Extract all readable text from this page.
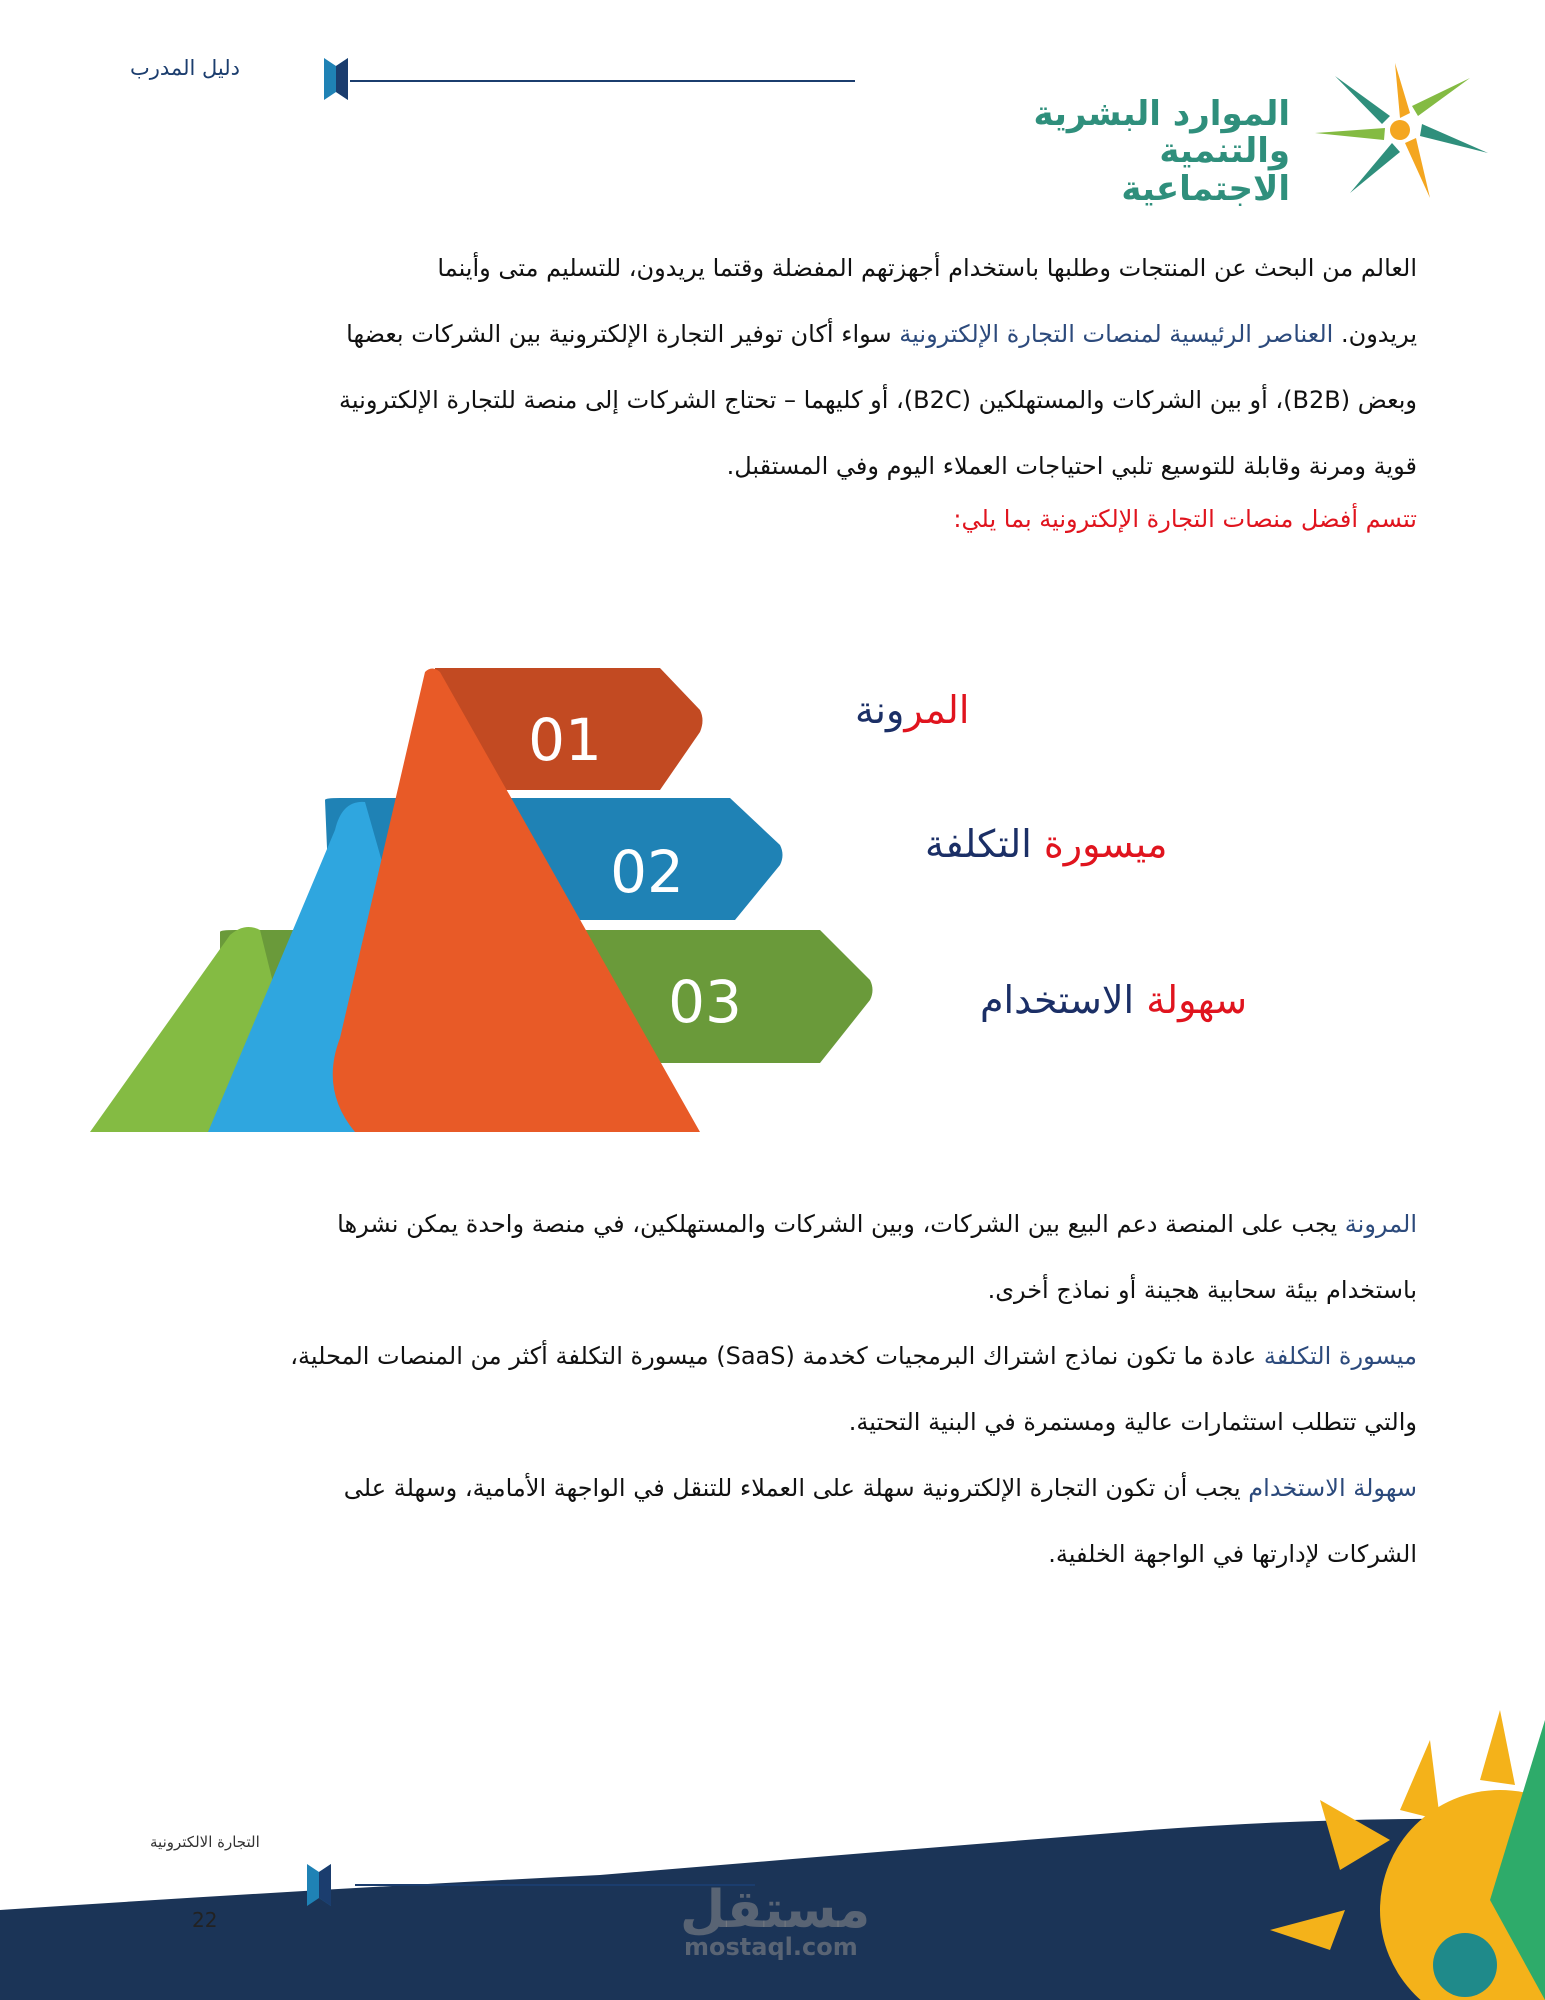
دليل المدرب
الموارد البشرية
والتنمية الاجتماعية

العالم من البحث عن المنتجات وطلبها باستخدام أجهزتهم المفضلة وقتما يريدون، للتسليم متى وأينما

يريدون. العناصر الرئيسية لمنصات التجارة الإلكترونية سواء أكان توفير التجارة الإلكترونية بين الشركات بعضها

وبعض (B2B)، أو بين الشركات والمستهلكين (B2C)، أو كليهما – تحتاج الشركات إلى منصة للتجارة الإلكترونية

قوية ومرنة وقابلة للتوسيع تلبي احتياجات العملاء اليوم وفي المستقبل.

تتسم أفضل منصات التجارة الإلكترونية بما يلي:
01
02
03
المرونة
ميسورة التكلفة
سهولة الاستخدام

المرونة يجب على المنصة دعم البيع بين الشركات، وبين الشركات والمستهلكين، في منصة واحدة يمكن نشرها

باستخدام بيئة سحابية هجينة أو نماذج أخرى.

ميسورة التكلفة عادة ما تكون نماذج اشتراك البرمجيات كخدمة (SaaS) ميسورة التكلفة أكثر من المنصات المحلية،

والتي تتطلب استثمارات عالية ومستمرة في البنية التحتية.

سهولة الاستخدام يجب أن تكون التجارة الإلكترونية سهلة على العملاء للتنقل في الواجهة الأمامية، وسهلة على

الشركات لإدارتها في الواجهة الخلفية.

التجارة الالكترونية
22	مستقل
mostaql.com
